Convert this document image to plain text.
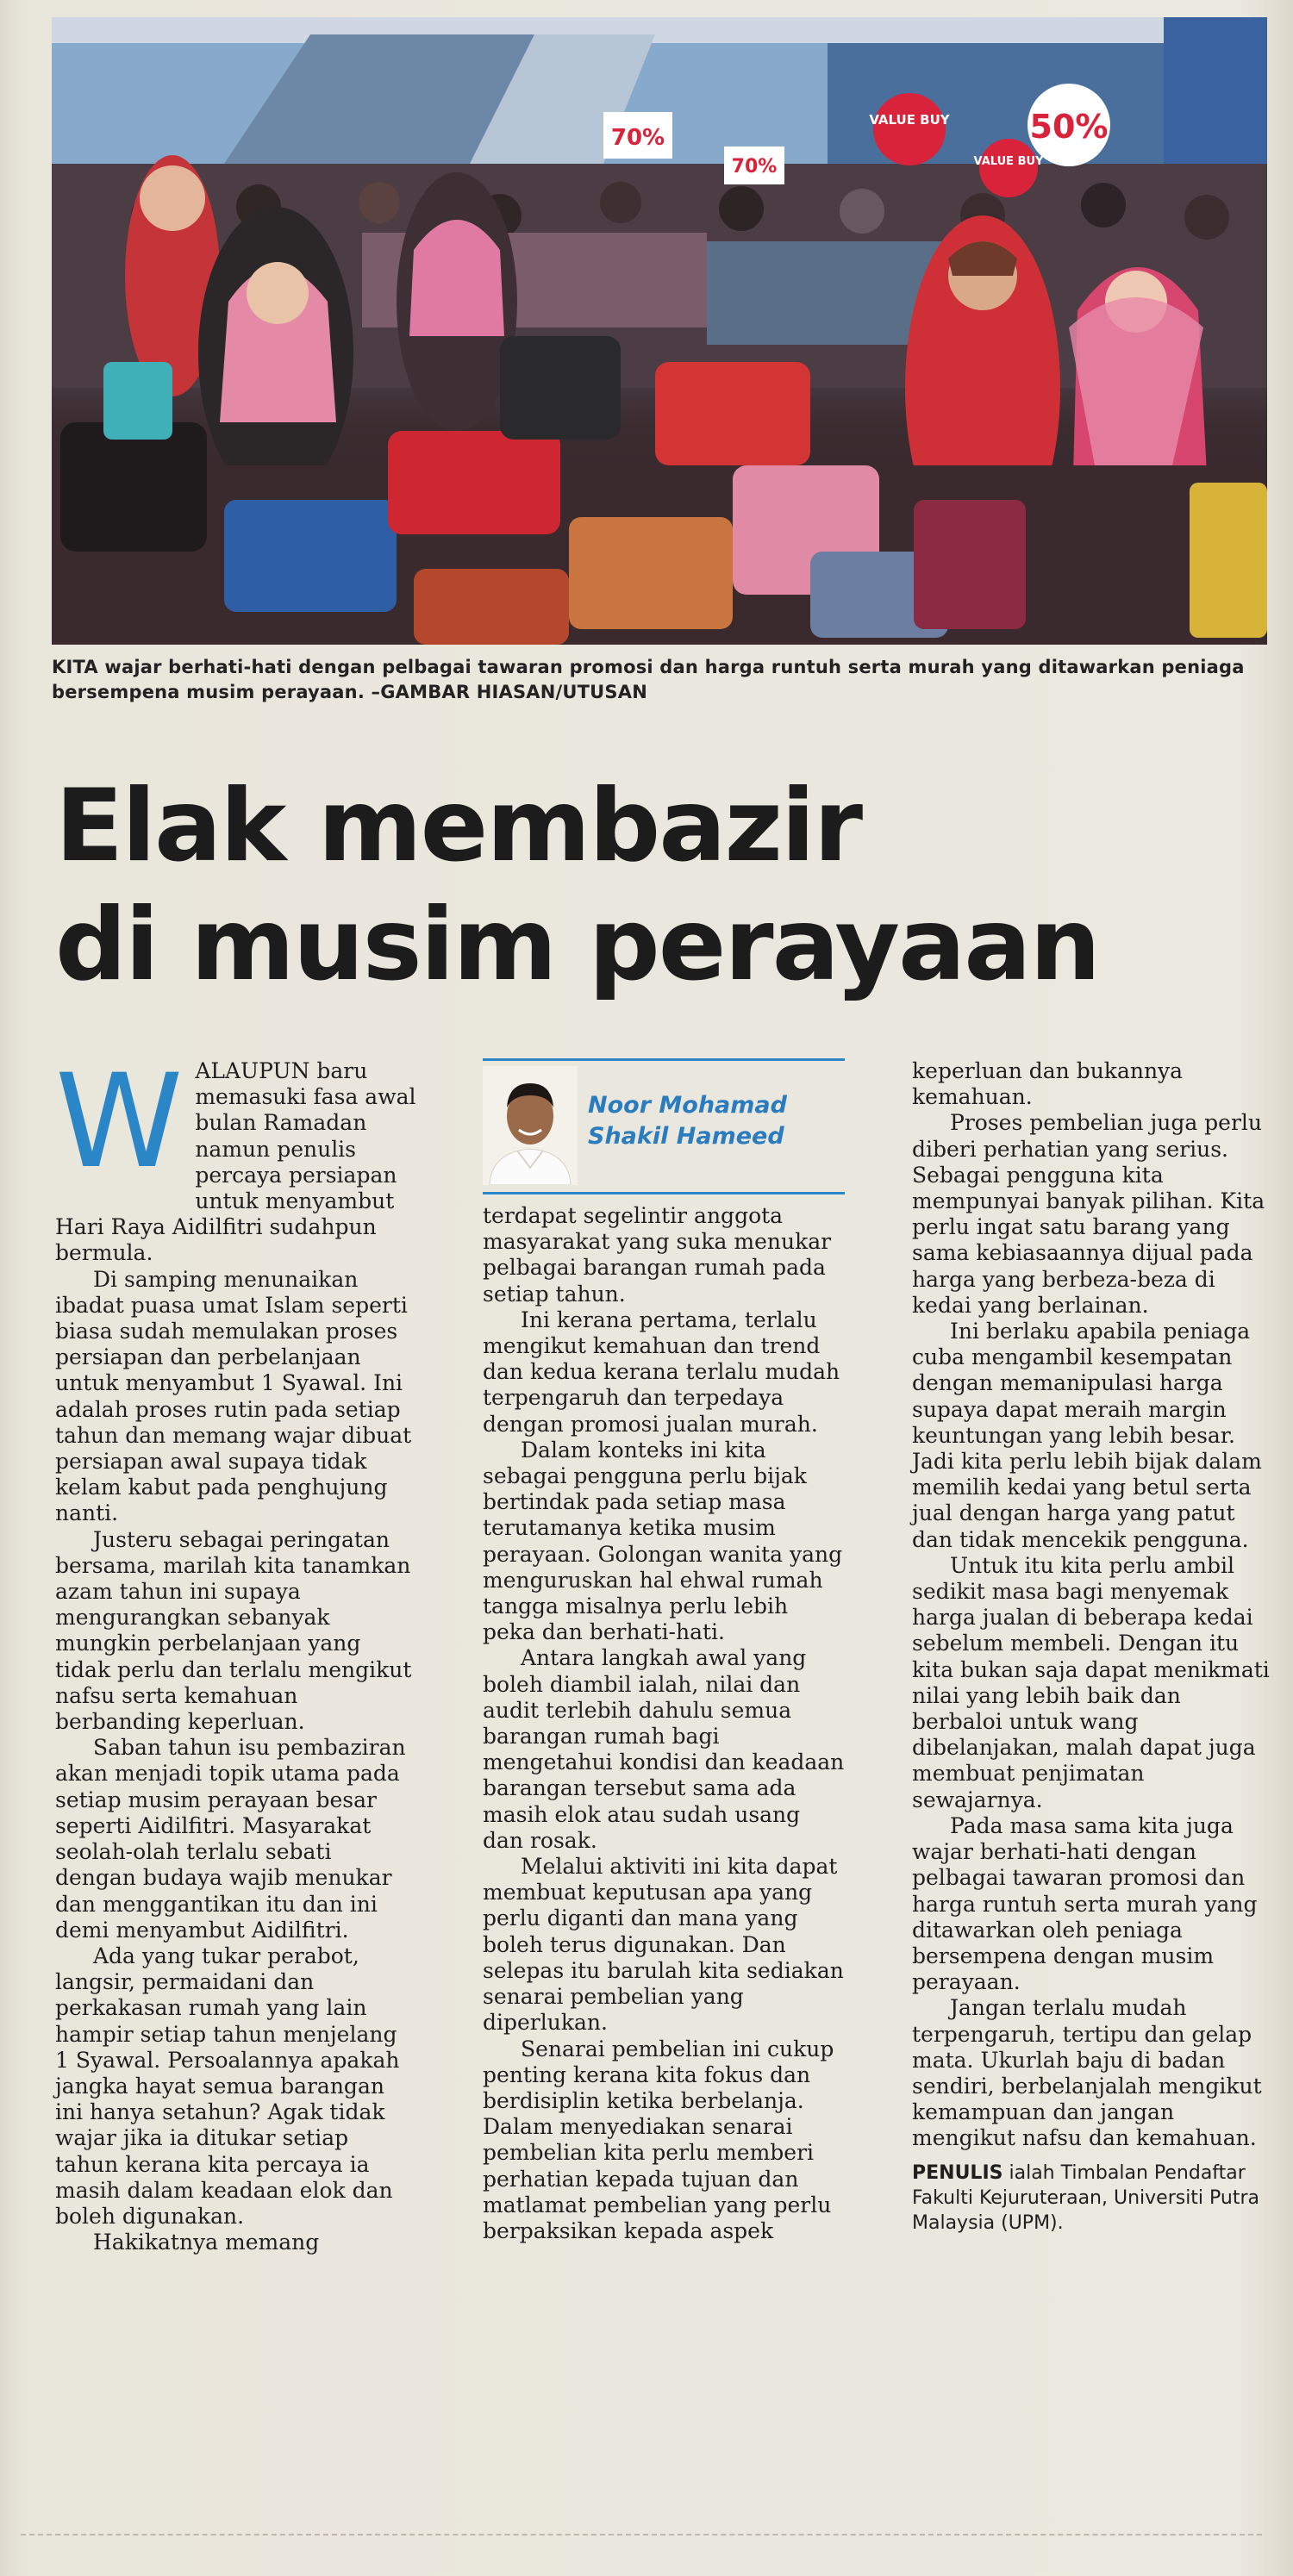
VALUE BUY
VALUE BUY
50%
70%
70%
KITA wajar berhati-hati dengan pelbagai tawaran promosi dan harga runtuh serta murah yang ditawarkan peniaga bersempena musim perayaan. –GAMBAR HIASAN/UTUSAN
Elak membazir
di musim perayaan

WALAUPUN baru memasuki fasa awal bulan Ramadan namun penulis percaya persiapan untuk menyambut Hari Raya Aidilfitri sudahpun bermula.

Di samping menunaikan ibadat puasa umat Islam seperti biasa sudah memulakan proses persiapan dan perbelanjaan untuk menyambut 1 Syawal. Ini adalah proses rutin pada setiap tahun dan memang wajar dibuat persiapan awal supaya tidak kelam kabut pada penghujung nanti.

Justeru sebagai peringatan bersama, marilah kita tanamkan azam tahun ini supaya mengurangkan sebanyak mungkin perbelanjaan yang tidak perlu dan terlalu mengikut nafsu serta kemahuan berbanding keperluan.

Saban tahun isu pembaziran akan menjadi topik utama pada setiap musim perayaan besar seperti Aidilfitri. Masyarakat seolah-olah terlalu sebati dengan budaya wajib menukar dan menggantikan itu dan ini demi menyambut Aidilfitri.

Ada yang tukar perabot, langsir, permaidani dan perkakasan rumah yang lain hampir setiap tahun menjelang 1 Syawal. Persoalannya apakah jangka hayat semua barangan ini hanya setahun? Agak tidak wajar jika ia ditukar setiap tahun kerana kita percaya ia masih dalam keadaan elok dan boleh digunakan.

Hakikatnya memang

Noor Mohamad
Shakil Hameed

terdapat segelintir anggota masyarakat yang suka menukar pelbagai barangan rumah pada setiap tahun.

Ini kerana pertama, terlalu mengikut kemahuan dan trend dan kedua kerana terlalu mudah terpengaruh dan terpedaya dengan promosi jualan murah.

Dalam konteks ini kita sebagai pengguna perlu bijak bertindak pada setiap masa terutamanya ketika musim perayaan. Golongan wanita yang menguruskan hal ehwal rumah tangga misalnya perlu lebih peka dan berhati-hati.

Antara langkah awal yang boleh diambil ialah, nilai dan audit terlebih dahulu semua barangan rumah bagi mengetahui kondisi dan keadaan barangan tersebut sama ada masih elok atau sudah usang dan rosak.

Melalui aktiviti ini kita dapat membuat keputusan apa yang perlu diganti dan mana yang boleh terus digunakan. Dan selepas itu barulah kita sediakan senarai pembelian yang diperlukan.

Senarai pembelian ini cukup penting kerana kita fokus dan berdisiplin ketika berbelanja. Dalam menyediakan senarai pembelian kita perlu memberi perhatian kepada tujuan dan matlamat pembelian yang perlu berpaksikan kepada aspek

keperluan dan bukannya kemahuan.

Proses pembelian juga perlu diberi perhatian yang serius. Sebagai pengguna kita mempunyai banyak pilihan. Kita perlu ingat satu barang yang sama kebiasaannya dijual pada harga yang berbeza-beza di kedai yang berlainan.

Ini berlaku apabila peniaga cuba mengambil kesempatan dengan memanipulasi harga supaya dapat meraih margin keuntungan yang lebih besar. Jadi kita perlu lebih bijak dalam memilih kedai yang betul serta jual dengan harga yang patut dan tidak mencekik pengguna.

Untuk itu kita perlu ambil sedikit masa bagi menyemak harga jualan di beberapa kedai sebelum membeli. Dengan itu kita bukan saja dapat menikmati nilai yang lebih baik dan berbaloi untuk wang dibelanjakan, malah dapat juga membuat penjimatan sewajarnya.

Pada masa sama kita juga wajar berhati-hati dengan pelbagai tawaran promosi dan harga runtuh serta murah yang ditawarkan oleh peniaga bersempena dengan musim perayaan.

Jangan terlalu mudah terpengaruh, tertipu dan gelap mata. Ukurlah baju di badan sendiri, berbelanjalah mengikut kemampuan dan jangan mengikut nafsu dan kemahuan.

PENULIS ialah Timbalan Pendaftar Fakulti Kejuruteraan, Universiti Putra Malaysia (UPM).
